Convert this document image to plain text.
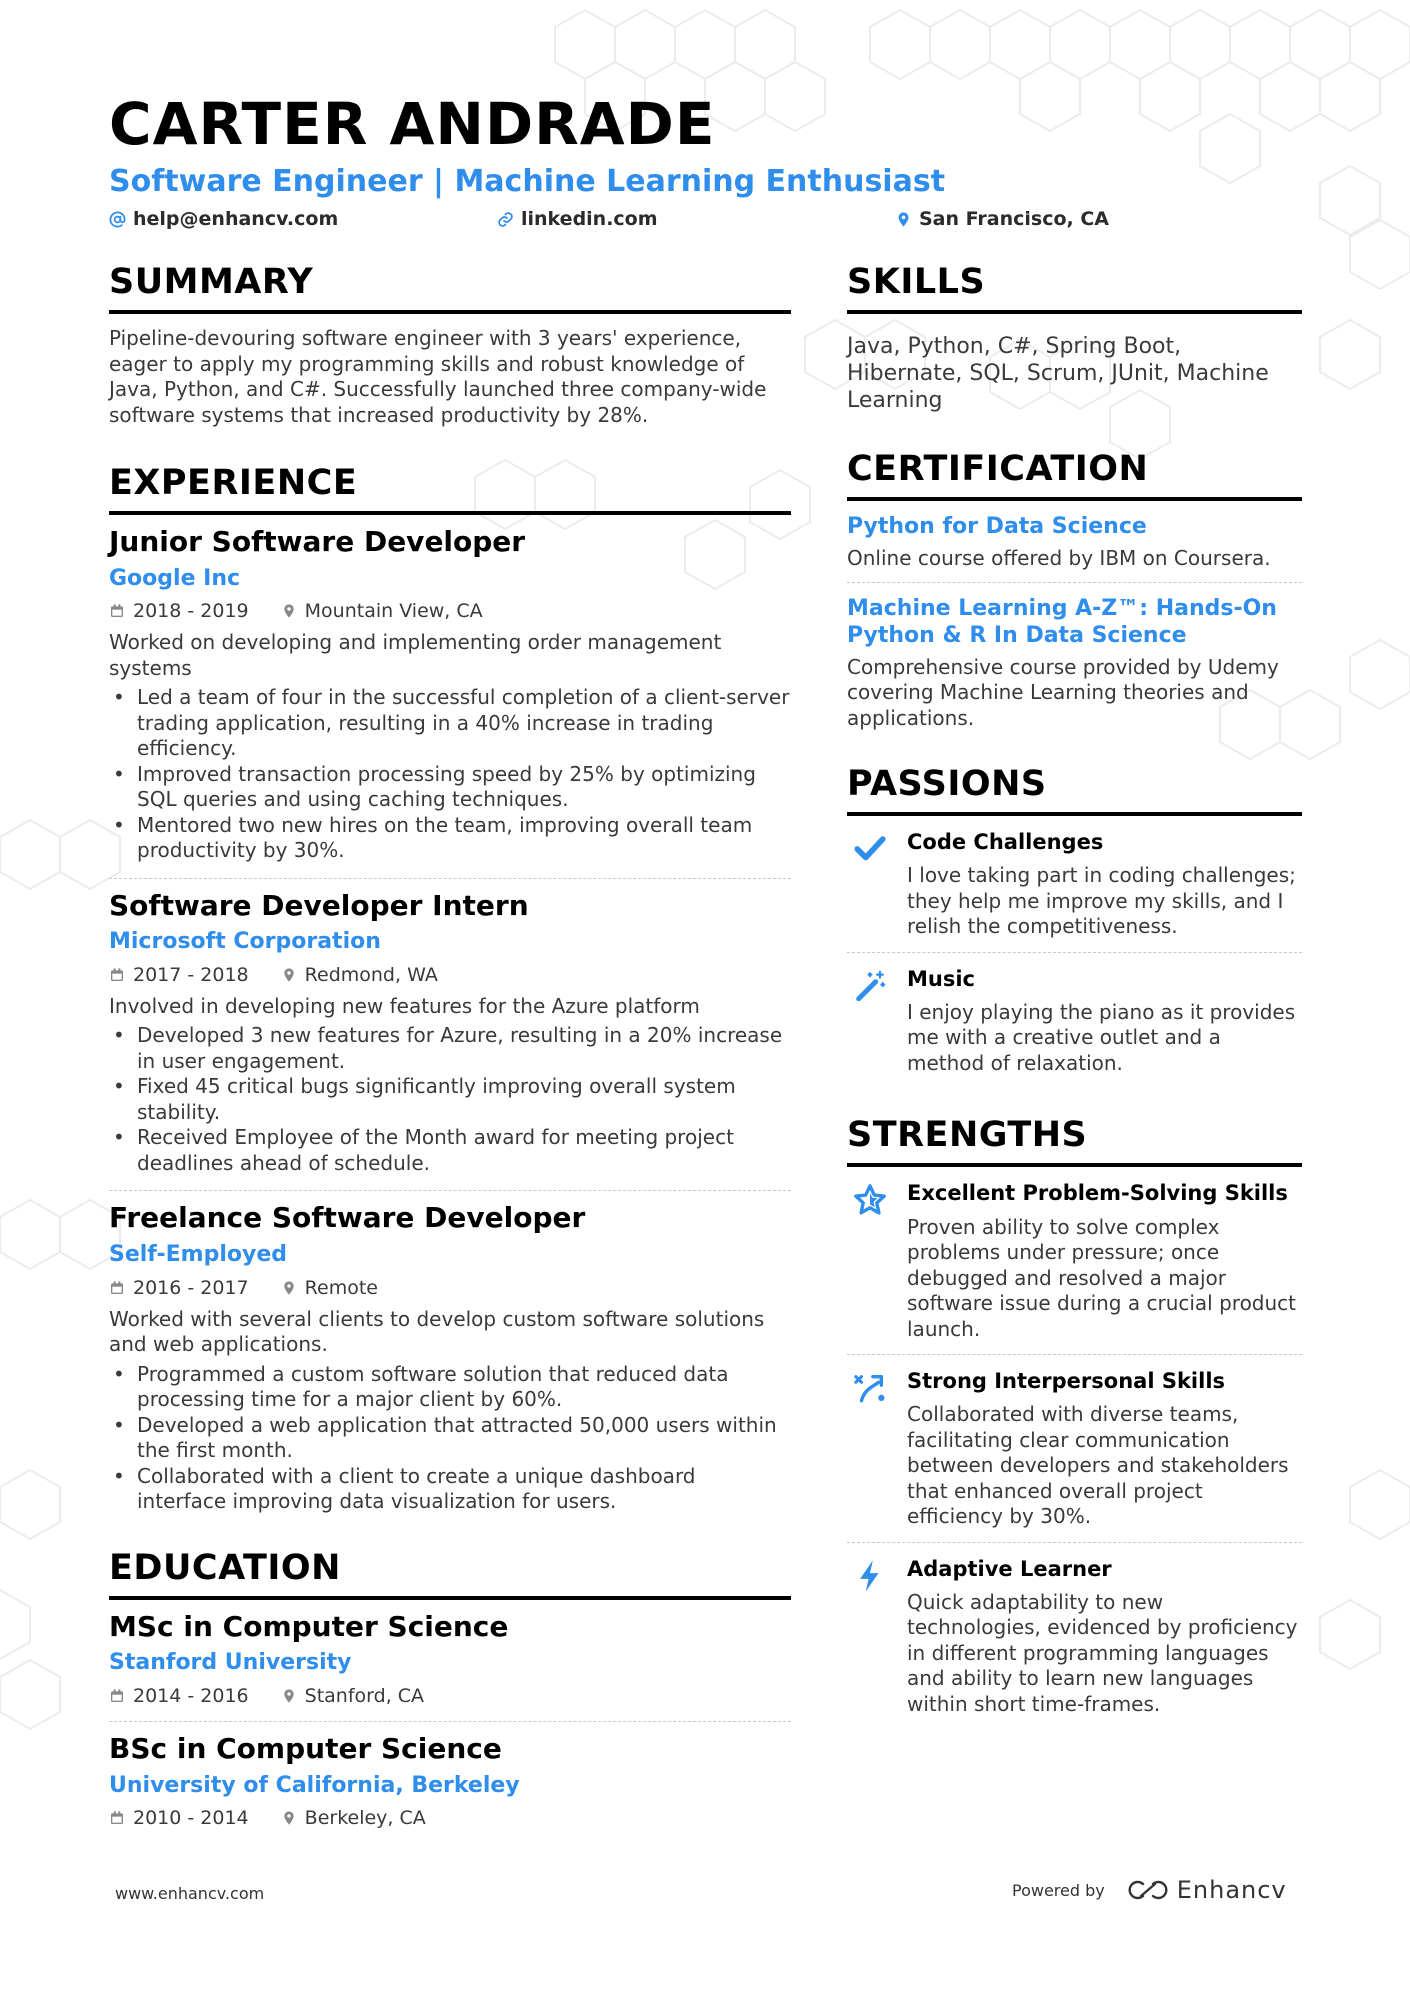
CARTER ANDRADE
Software Engineer | Machine Learning Enthusiast
help@enhancv.com	linkedin.com	San Francisco, CA
SUMMARY

Pipeline-devouring software engineer with 3 years' experience, eager to apply my programming skills and robust knowledge of Java, Python, and C#. Successfully launched three company-wide software systems that increased productivity by 28%.

EXPERIENCE
Junior Software Developer
Google Inc
2018 - 2019	Mountain View, CA
Worked on developing and implementing order management systems
• Led a team of four in the successful completion of a client-server trading application, resulting in a 40% increase in trading efficiency.
• Improved transaction processing speed by 25% by optimizing SQL queries and using caching techniques.
• Mentored two new hires on the team, improving overall team productivity by 30%.
Software Developer Intern
Microsoft Corporation
2017 - 2018	Redmond, WA
Involved in developing new features for the Azure platform
• Developed 3 new features for Azure, resulting in a 20% increase in user engagement.
• Fixed 45 critical bugs significantly improving overall system stability.
• Received Employee of the Month award for meeting project deadlines ahead of schedule.
Freelance Software Developer
Self-Employed
2016 - 2017	Remote
Worked with several clients to develop custom software solutions and web applications.
• Programmed a custom software solution that reduced data processing time for a major client by 60%.
• Developed a web application that attracted 50,000 users within the first month.
• Collaborated with a client to create a unique dashboard interface improving data visualization for users.
EDUCATION
MSc in Computer Science
Stanford University
2014 - 2016	Stanford, CA
BSc in Computer Science
University of California, Berkeley
2010 - 2014	Berkeley, CA
SKILLS
Java, Python, C#, Spring Boot, Hibernate, SQL, Scrum, JUnit, Machine Learning
CERTIFICATION
Python for Data Science
Online course offered by IBM on Coursera.
Machine Learning A-Z™: Hands-On Python & R In Data Science
Comprehensive course provided by Udemy covering Machine Learning theories and applications.
PASSIONS
Code Challenges
I love taking part in coding challenges; they help me improve my skills, and I relish the competitiveness.
Music
I enjoy playing the piano as it provides me with a creative outlet and a method of relaxation.
STRENGTHS
Excellent Problem-Solving Skills
Proven ability to solve complex problems under pressure; once debugged and resolved a major software issue during a crucial product launch.
Strong Interpersonal Skills
Collaborated with diverse teams, facilitating clear communication between developers and stakeholders that enhanced overall project efficiency by 30%.
Adaptive Learner
Quick adaptability to new technologies, evidenced by proficiency in different programming languages and ability to learn new languages within short time-frames.
www.enhancv.com	Powered by	Enhancv
